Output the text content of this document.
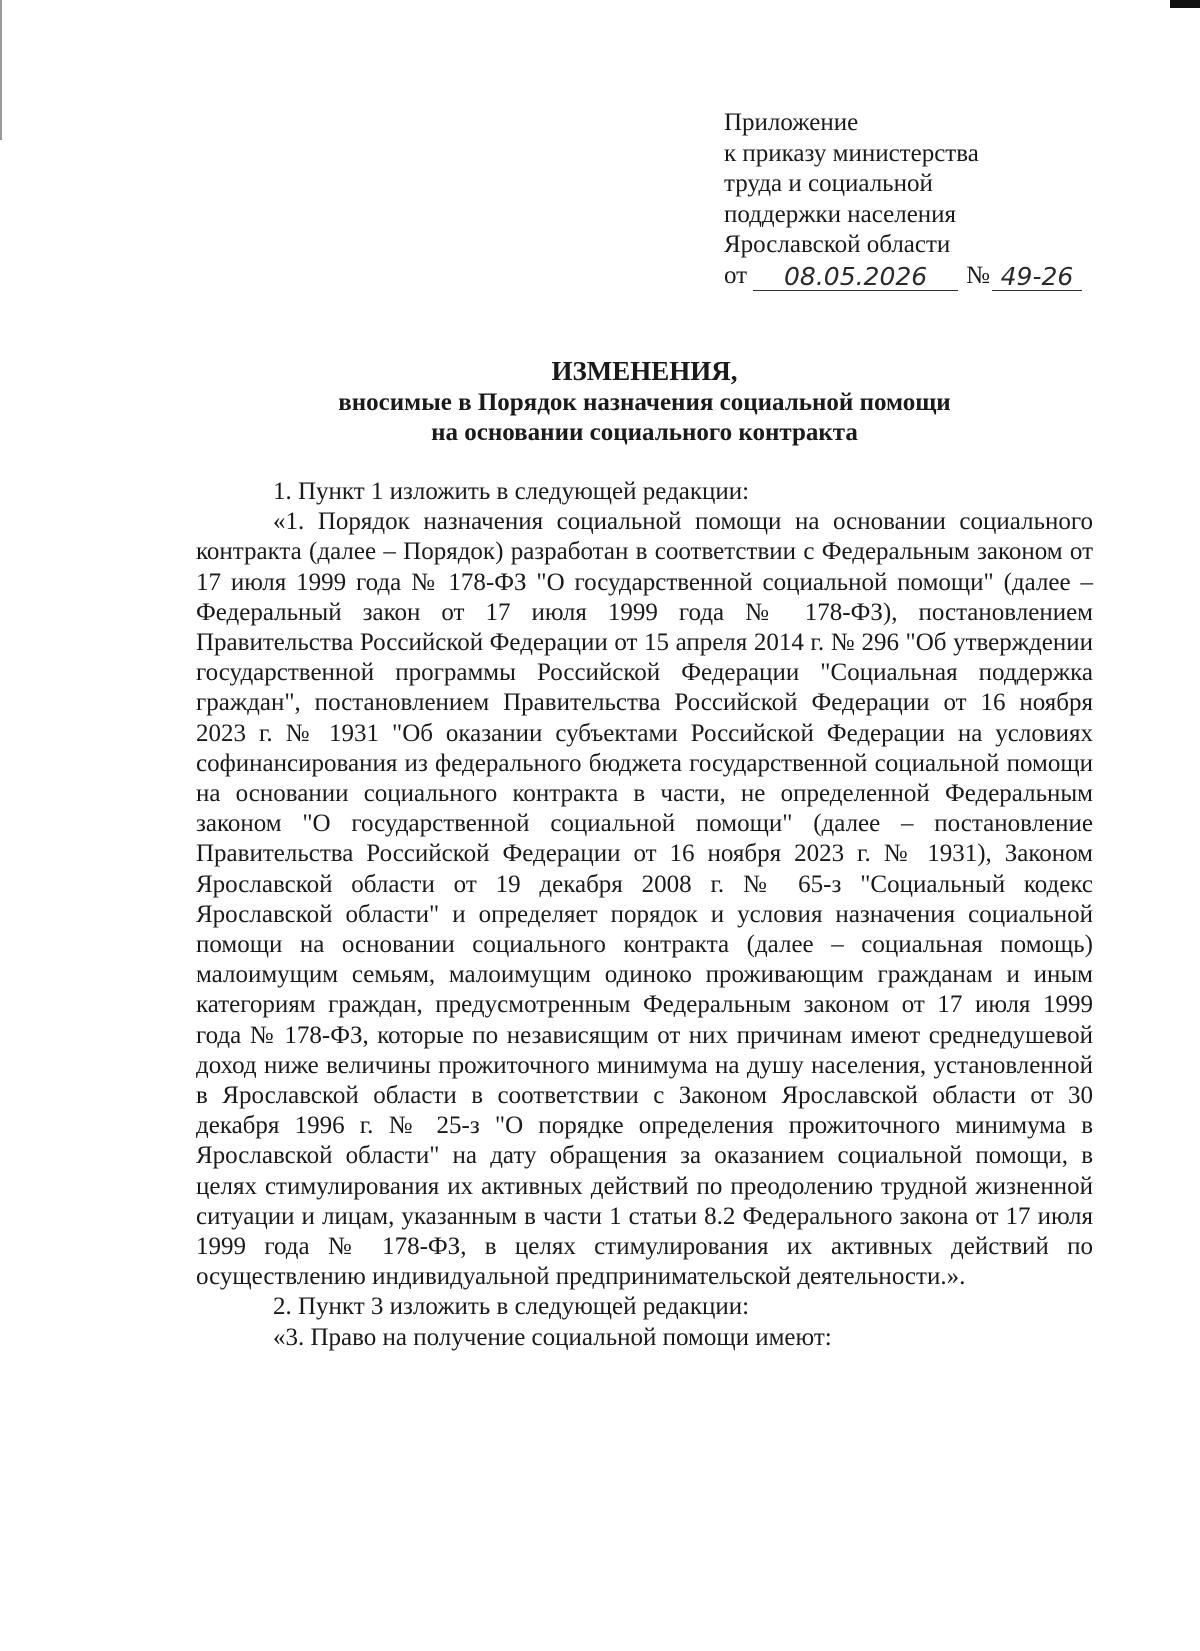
Приложение
к приказу министерства
труда и социальной
поддержки населения
Ярославской области
от	08.05.2026	№ 49-26
ИЗМЕНЕНИЯ,
вносимые в Порядок назначения социальной помощи
на основании социального контракта

1. Пункт 1 изложить в следующей редакции:

«1. Порядок назначения социальной помощи на основании социального контракта (далее – Порядок) разработан в соответствии с Федеральным законом от 17 июля 1999 года № 178-ФЗ "О государственной социальной помощи" (далее – Федеральный закон от 17 июля 1999 года № 178-ФЗ), постановлением Правительства Российской Федерации от 15 апреля 2014 г. № 296 "Об утверждении государственной программы Российской Федерации "Социальная поддержка граждан", постановлением Правительства Российской Федерации от 16 ноября 2023 г. № 1931 "Об оказании субъектами Российской Федерации на условиях софинансирования из федерального бюджета государственной социальной помощи на основании социального контракта в части, не определенной Федеральным законом "О государственной социальной помощи" (далее – постановление Правительства Российской Федерации от 16 ноября 2023 г. № 1931), Законом Ярославской области от 19 декабря 2008 г. № 65-з "Социальный кодекс Ярославской области" и определяет порядок и условия назначения социальной помощи на основании социального контракта (далее – социальная помощь) малоимущим семьям, малоимущим одиноко проживающим гражданам и иным категориям граждан, предусмотренным Федеральным законом от 17 июля 1999 года № 178-ФЗ, которые по независящим от них причинам имеют среднедушевой доход ниже величины прожиточного минимума на душу населения, установленной в Ярославской области в соответствии с Законом Ярославской области от 30 декабря 1996 г. № 25-з "О порядке определения прожиточного минимума в Ярославской области" на дату обращения за оказанием социальной помощи, в целях стимулирования их активных действий по преодолению трудной жизненной ситуации и лицам, указанным в части 1 статьи 8.2 Федерального закона от 17 июля 1999 года № 178-ФЗ, в целях стимулирования их активных действий по осуществлению индивидуальной предпринимательской деятельности.».

2. Пункт 3 изложить в следующей редакции:

«3. Право на получение социальной помощи имеют:
